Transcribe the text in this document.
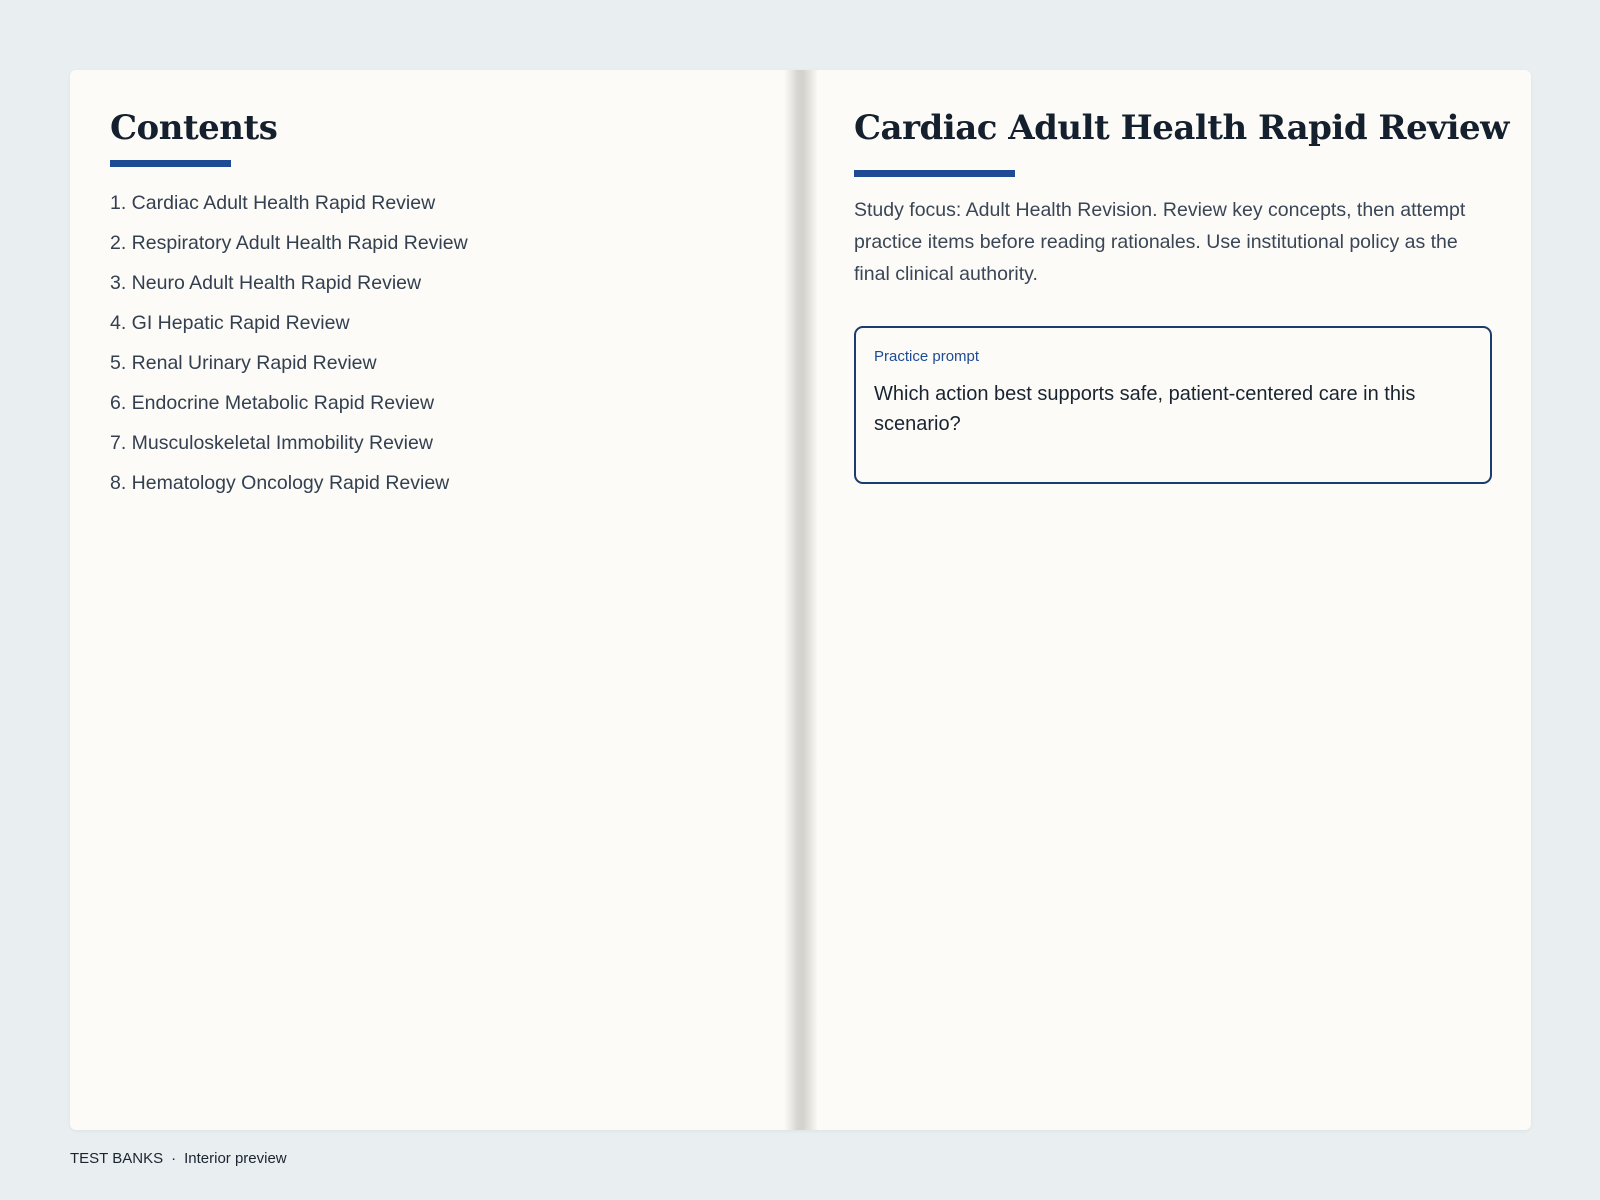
Contents
1. Cardiac Adult Health Rapid Review
2. Respiratory Adult Health Rapid Review
3. Neuro Adult Health Rapid Review
4. GI Hepatic Rapid Review
5. Renal Urinary Rapid Review
6. Endocrine Metabolic Rapid Review
7. Musculoskeletal Immobility Review
8. Hematology Oncology Rapid Review
Cardiac Adult Health Rapid Review

Study focus: Adult Health Revision. Review key concepts, then attempt practice items before reading rationales. Use institutional policy as the final clinical authority.

Practice prompt

Which action best supports safe, patient-centered care in this scenario?

TEST BANKS · Interior preview
